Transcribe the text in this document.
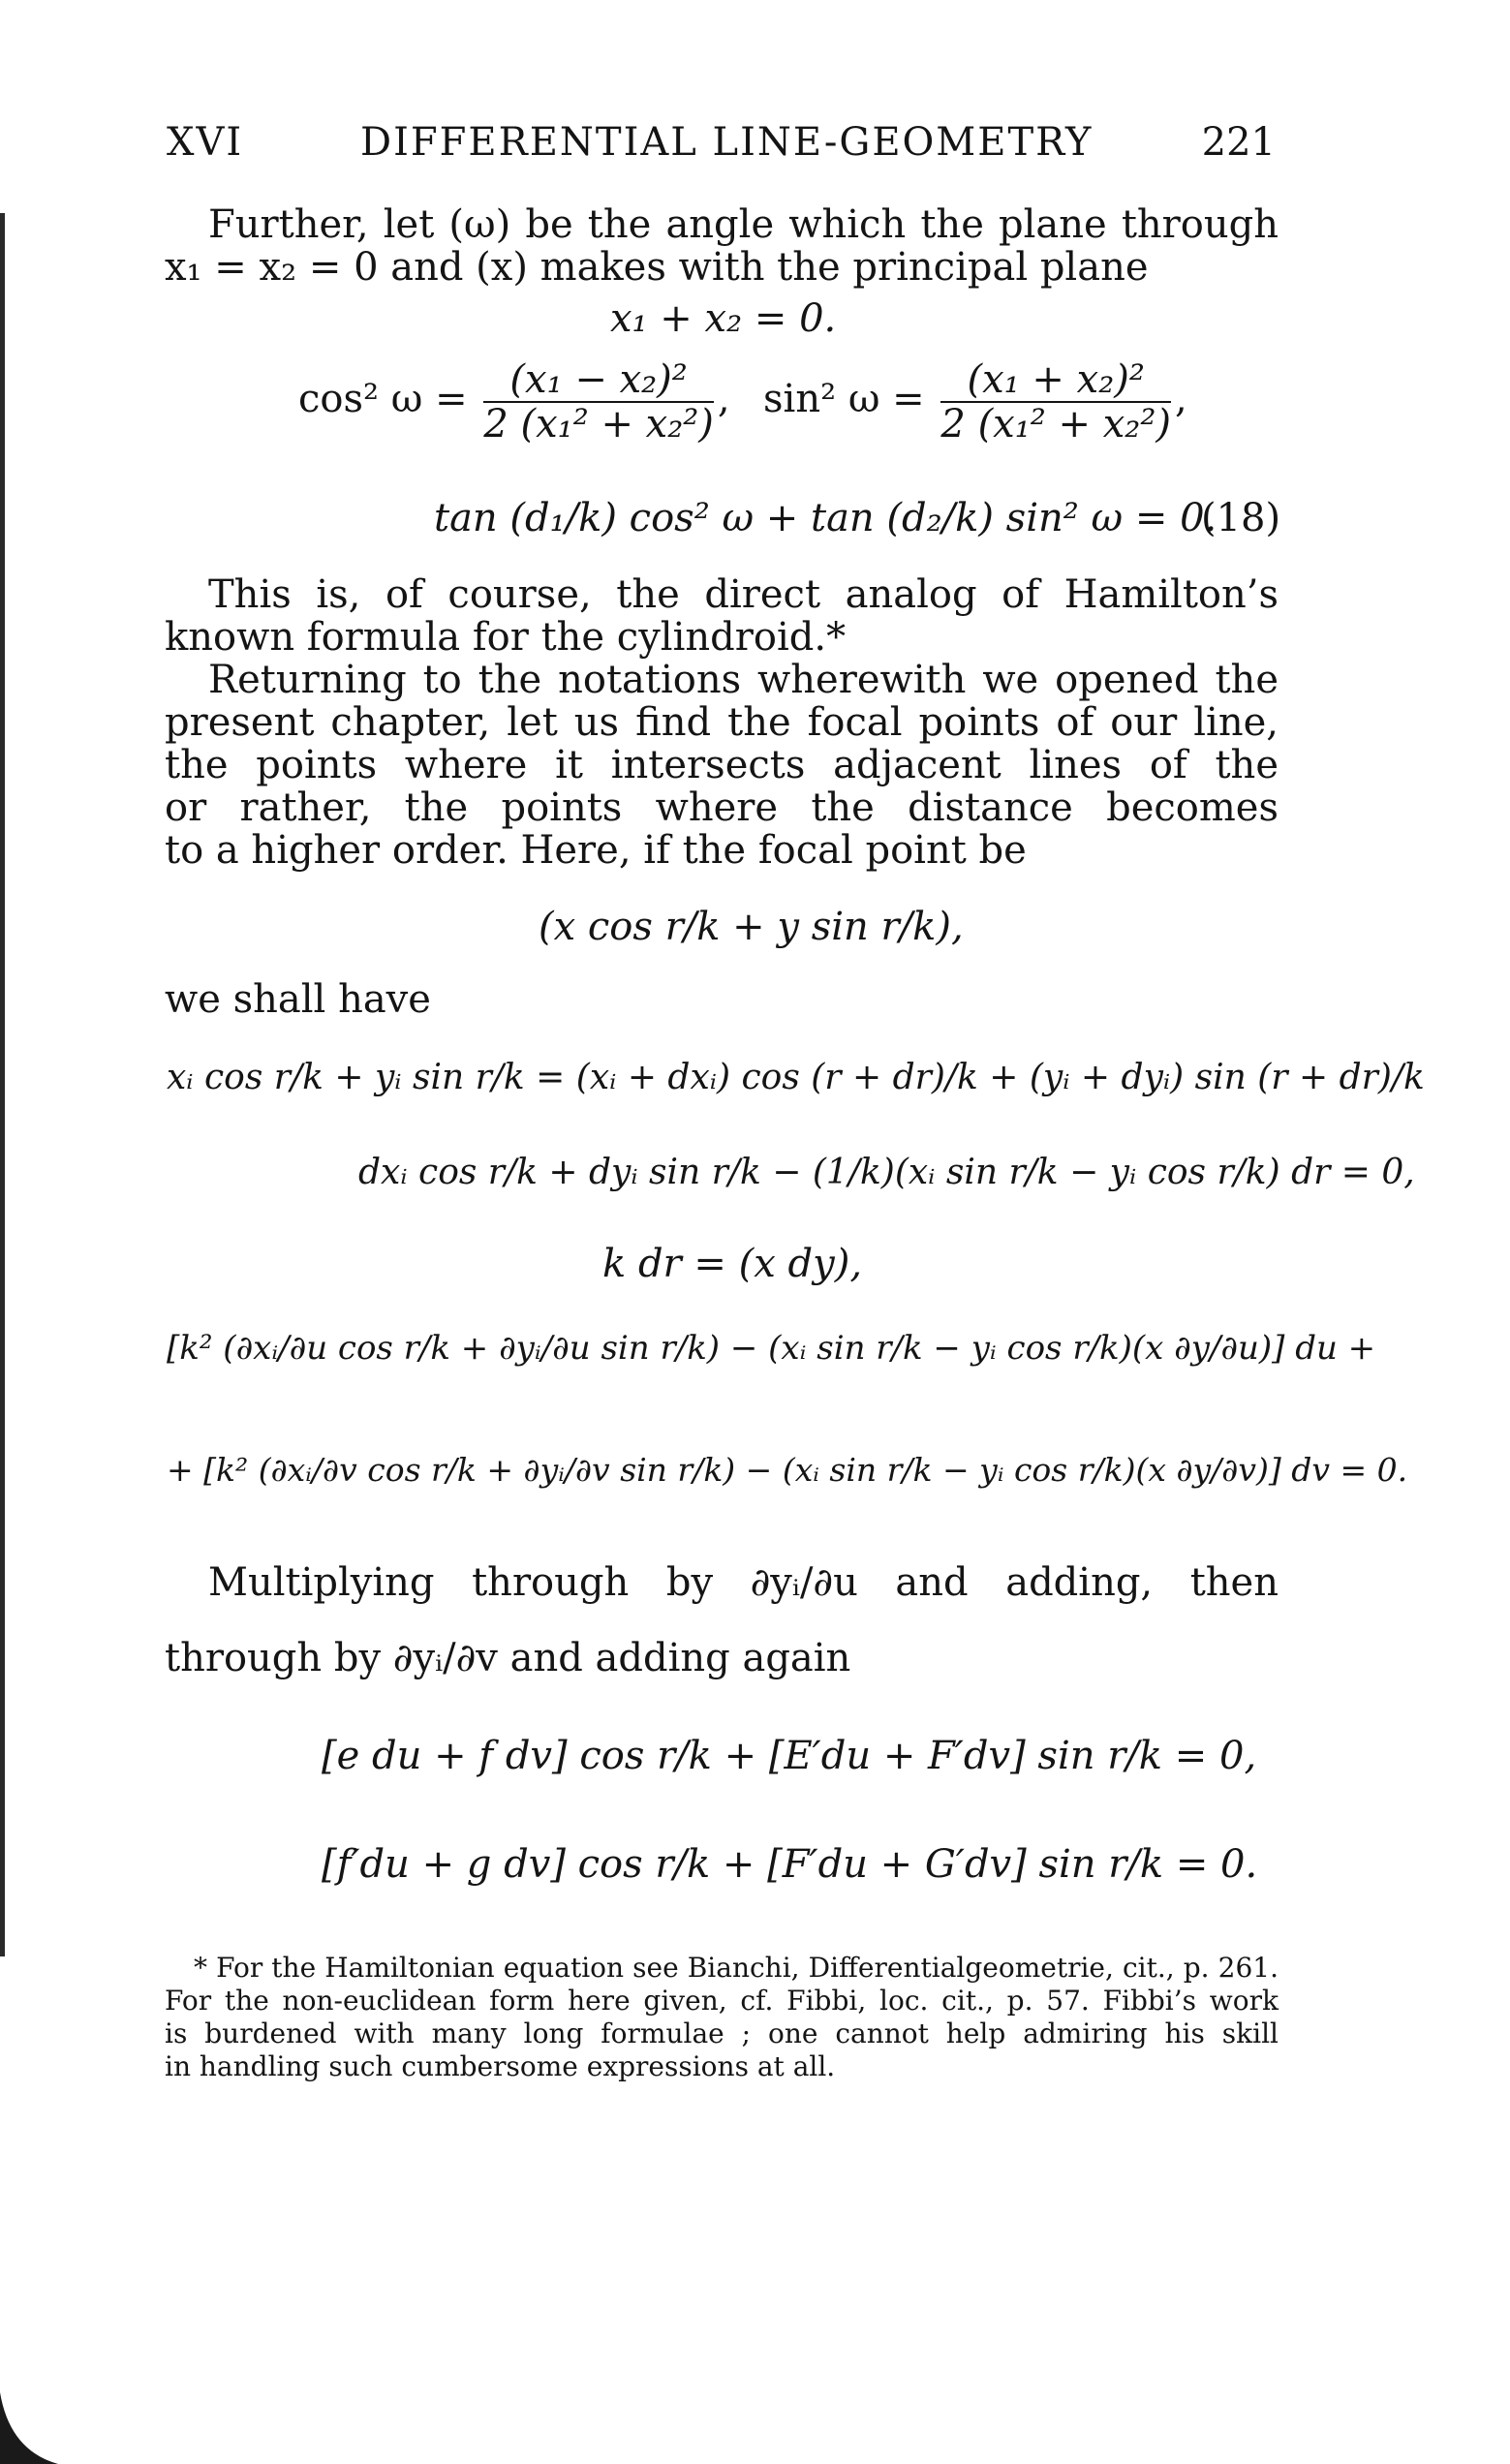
XVI	DIFFERENTIAL LINE-GEOMETRY	221
Further, let (ω) be the angle which the plane through
x₁ = x₂ = 0 and (x) makes with the principal plane
x₁ + x₂ = 0.
cos² $\omega = \frac{\text{(x₁ − x₂)²}}{\text{2 (x₁² + x₂²)}}$ , sin² $\omega = \frac{\text{(x₁ + x₂)²}}{\text{2 (x₁² + x₂²)}}$ ,
tan (d₁/k) cos² ω + tan (d₂/k) sin² ω = 0.
(18)
This is, of course, the direct analog of Hamilton’s
known formula for the cylindroid.*
Returning to the notations wherewith we opened the
present chapter, let us find the focal points of our line,
the points where it intersects adjacent lines of the
or rather, the points where the distance becomes
to a higher order. Here, if the focal point be
(x cos r/k + y sin r/k),
we shall have
xᵢ cos r/k + yᵢ sin r/k = (xᵢ + dxᵢ) cos (r + dr)/k + (yᵢ + dyᵢ) sin (r + dr)/k
dxᵢ cos r/k + dyᵢ sin r/k − (1/k)(xᵢ sin r/k − yᵢ cos r/k) dr = 0,
k dr = (x dy),
[k² (∂xᵢ/∂u cos r/k + ∂yᵢ/∂u sin r/k) − (xᵢ sin r/k − yᵢ cos r/k)(x ∂y/∂u)] du +
+ [k² (∂xᵢ/∂v cos r/k + ∂yᵢ/∂v sin r/k) − (xᵢ sin r/k − yᵢ cos r/k)(x ∂y/∂v)] dv = 0.
Multiplying through by ∂yᵢ/∂u and adding, then
through by ∂yᵢ/∂v and adding again
[e du + f dv] cos r/k + [E′du + F′dv] sin r/k = 0,
[f′du + g dv] cos r/k + [F′du + G′dv] sin r/k = 0.
* For the Hamiltonian equation see Bianchi, Differentialgeometrie, cit., p. 261.
For the non-euclidean form here given, cf. Fibbi, loc. cit., p. 57. Fibbi’s work
is burdened with many long formulae ; one cannot help admiring his skill
in handling such cumbersome expressions at all.
